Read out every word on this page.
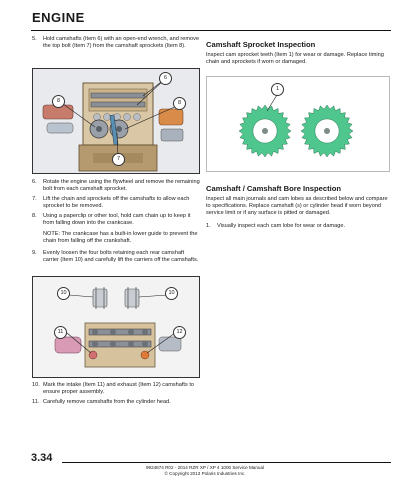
ENGINE
5. Hold camshafts (Item 6) with an open-end wrench, and remove the top bolt (Item 7) from the camshaft sprockets (Item 8).
6
8	8
7
6. Rotate the engine using the flywheel and remove the remaining bolt from each camshaft sprocket.
7. Lift the chain and sprockets off the camshafts to allow each sprocket to be removed.
8. Using a paperclip or other tool, hold cam chain up to keep it from falling down into the crankcase.

NOTE: The crankcase has a built-in lower guide to prevent the chain from falling off the crankshaft.

9. Evenly loosen the four bolts retaining each rear camshaft carrier (Item 10) and carefully lift the carriers off the camshafts.
10	10
11	12
10. Mark the intake (Item 11) and exhaust (Item 12) camshafts to ensure proper assembly.
11. Carefully remove camshafts from the cylinder head.
Camshaft Sprocket Inspection

Inspect cam sprocket teeth (Item 1) for wear or damage. Replace timing chain and sprockets if worn or damaged.

1
Camshaft / Camshaft Bore Inspection

Inspect all main journals and cam lobes as described below and compare to specifications. Replace camshaft (s) or cylinder head if worn beyond service limit or if any surface is pitted or damaged.

1. Visually inspect each cam lobe for wear or damage.
3.34
9924874 R02 - 2014 RZR XP / XP 4 1000 Service Manual
© Copyright 2013 Polaris Industries Inc.
